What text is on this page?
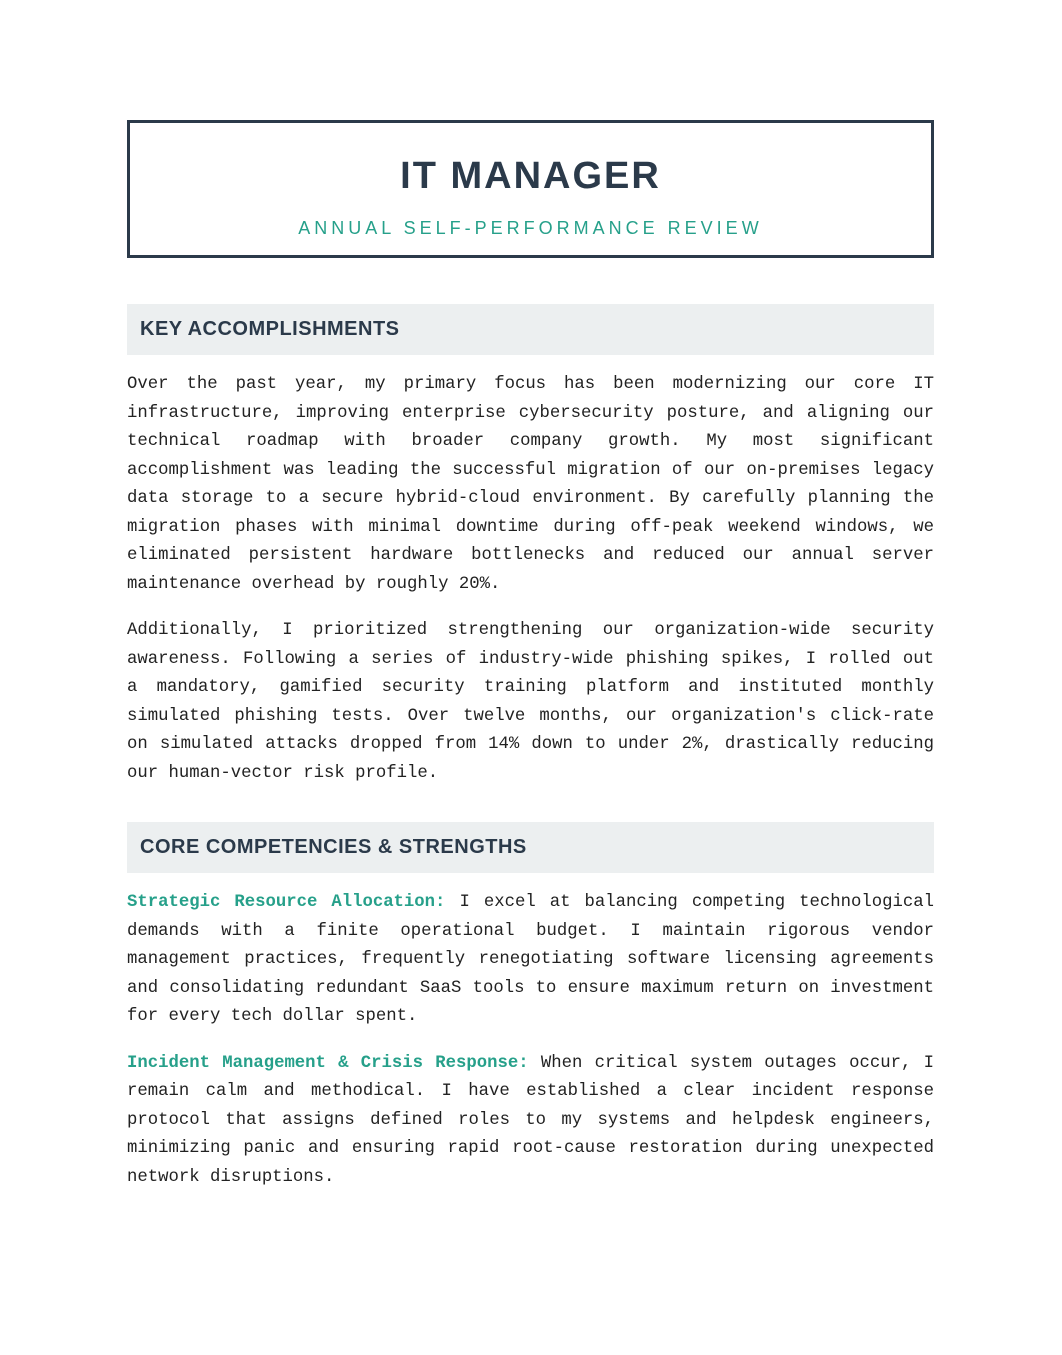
IT MANAGER
ANNUAL SELF-PERFORMANCE REVIEW
KEY ACCOMPLISHMENTS

Over the past year, my primary focus has been modernizing our core IT infrastructure, improving enterprise cybersecurity posture, and aligning our technical roadmap with broader company growth. My most significant accomplishment was leading the successful migration of our on-premises legacy data storage to a secure hybrid-cloud environment. By carefully planning the migration phases with minimal downtime during off-peak weekend windows, we eliminated persistent hardware bottlenecks and reduced our annual server maintenance overhead by roughly 20%.

Additionally, I prioritized strengthening our organization-wide security awareness. Following a series of industry-wide phishing spikes, I rolled out a mandatory, gamified security training platform and instituted monthly simulated phishing tests. Over twelve months, our organization's click-rate on simulated attacks dropped from 14% down to under 2%, drastically reducing our human-vector risk profile.

CORE COMPETENCIES & STRENGTHS

Strategic Resource Allocation: I excel at balancing competing technological demands with a finite operational budget. I maintain rigorous vendor management practices, frequently renegotiating software licensing agreements and consolidating redundant SaaS tools to ensure maximum return on investment for every tech dollar spent.

Incident Management & Crisis Response: When critical system outages occur, I remain calm and methodical. I have established a clear incident response protocol that assigns defined roles to my systems and helpdesk engineers, minimizing panic and ensuring rapid root-cause restoration during unexpected network disruptions.
